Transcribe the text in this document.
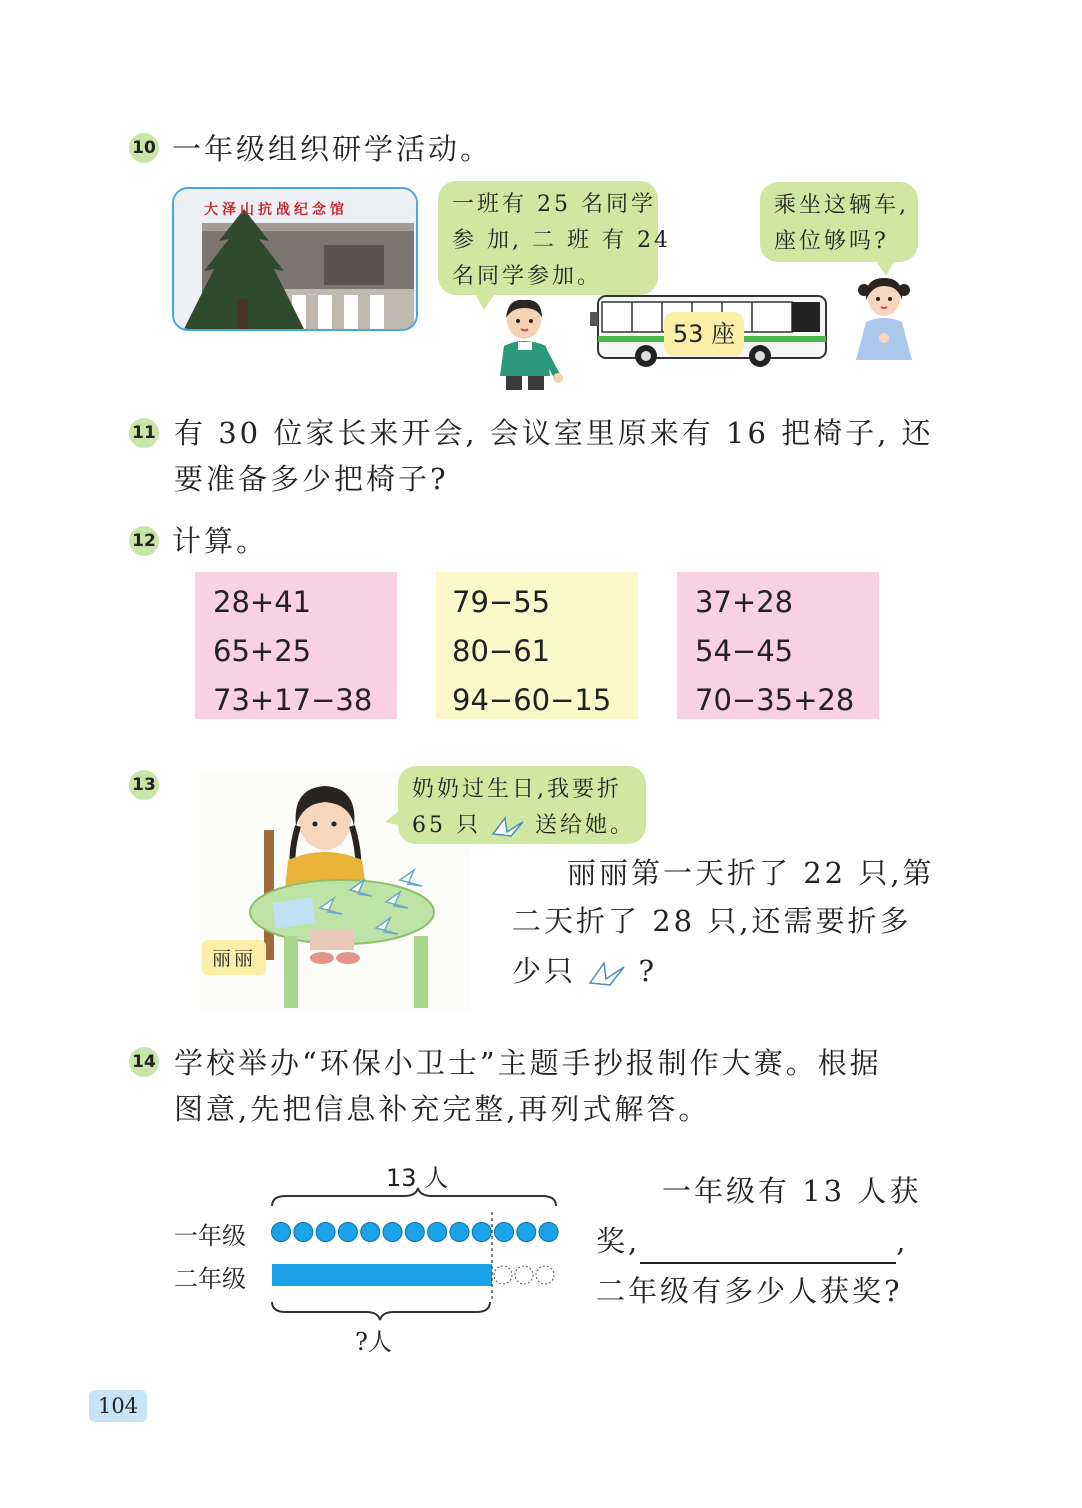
10 一年级组织研学活动。
大泽山抗战纪念馆	一班有 25 名同学
参 加, 二 班 有 24
名同学参加。
53 座
乘坐这辆车,
座位够吗?
11 有 30 位家长来开会, 会议室里原来有 16 把椅子, 还
要准备多少把椅子?
12 计算。
28+41
65+25
73+17−38
79−55
80−61
94−60−15
37+28
54−45
70−35+28
13
丽丽
奶奶过生日,我要折
65 只 送给她。
丽丽第一天折了 22 只,第
二天折了 28 只,还需要折多
少只 ?
14 学校举办“环保小卫士”主题手抄报制作大赛。根据
图意,先把信息补充完整,再列式解答。
13 人
一年级
二年级
?人
一年级有 13 人获
奖,	,
二年级有多少人获奖?
104
